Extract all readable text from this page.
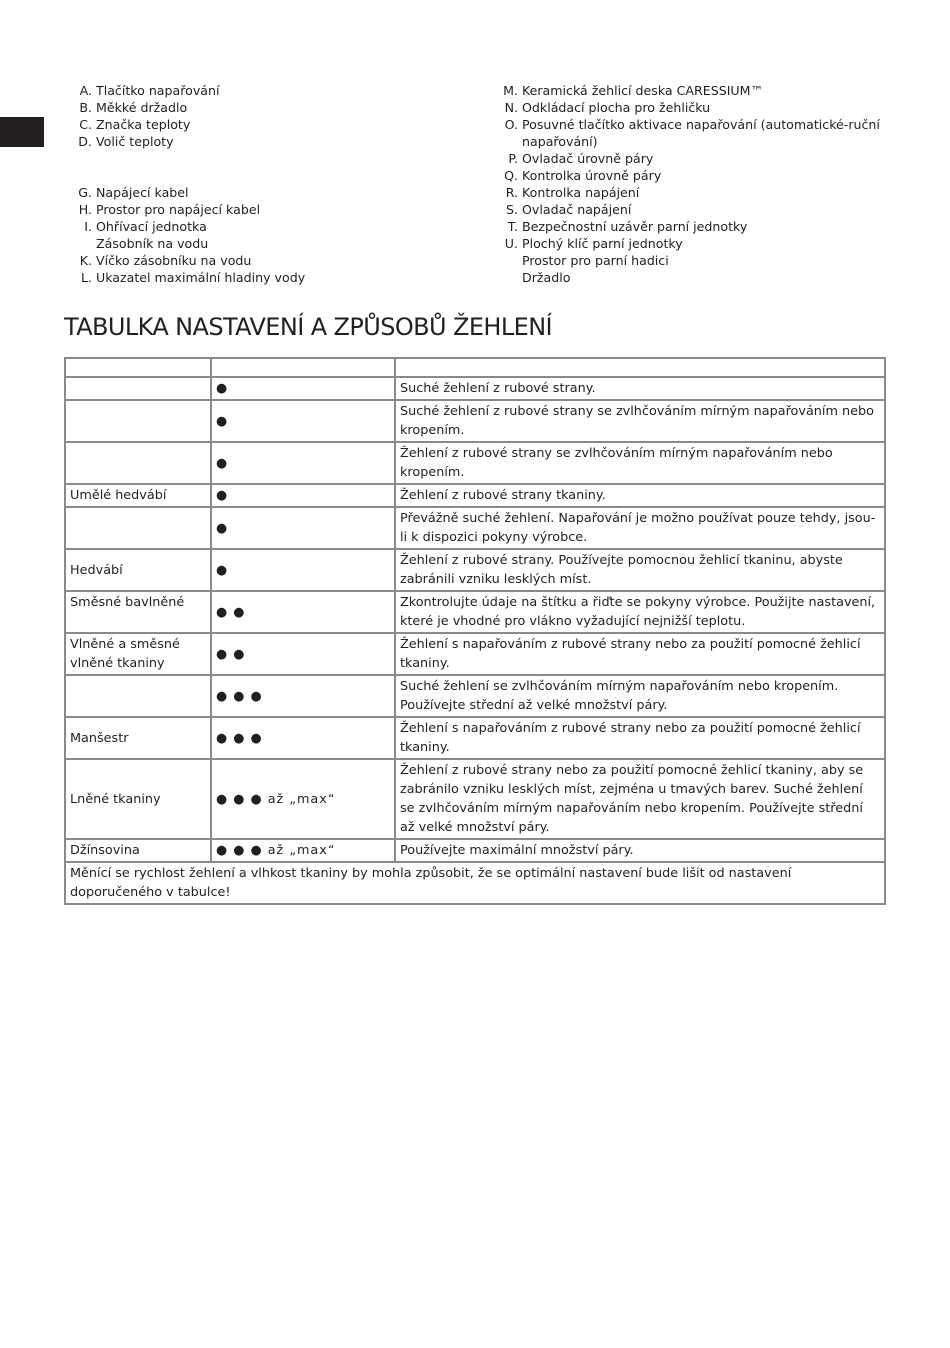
A. Tlačítko napařování
B. Měkké držadlo
C. Značka teploty
D. Volič teploty
G. Napájecí kabel
H. Prostor pro napájecí kabel
I. Ohřívací jednotka
Zásobník na vodu
K. Víčko zásobníku na vodu
L. Ukazatel maximální hladiny vody
M. Keramická žehlicí deska CARESSIUM™
N. Odkládací plocha pro žehličku
O. Posuvné tlačítko aktivace napařování (automatické-ruční napařování)
P. Ovladač úrovně páry
Q. Kontrolka úrovně páry
R. Kontrolka napájení
S. Ovladač napájení
T. Bezpečnostní uzávěr parní jednotky
U. Plochý klíč parní jednotky
Prostor pro parní hadici
Držadlo
TABULKA NASTAVENÍ A ZPŮSOBŮ ŽEHLENÍ

	●	Suché žehlení z rubové strany.
	●	Suché žehlení z rubové strany se zvlhčováním mírným napařováním nebo kropením.
	●	Žehlení z rubové strany se zvlhčováním mírným napařováním nebo kropením.
Umělé hedvábí	●	Žehlení z rubové strany tkaniny.
	●	Převážně suché žehlení. Napařování je možno používat pouze tehdy, jsou-li k dispozici pokyny výrobce.
Hedvábí	●	Žehlení z rubové strany. Používejte pomocnou žehlicí tkaninu, abyste zabránili vzniku lesklých míst.
Směsné bavlněné	● ●	Zkontrolujte údaje na štítku a řiďte se pokyny výrobce. Použijte nastavení, které je vhodné pro vlákno vyžadující nejnižší teplotu.
Vlněné a směsné vlněné tkaniny	● ●	Žehlení s napařováním z rubové strany nebo za použití pomocné žehlicí tkaniny.
	● ● ●	Suché žehlení se zvlhčováním mírným napařováním nebo kropením. Používejte střední až velké množství páry.
Manšestr	● ● ●	Žehlení s napařováním z rubové strany nebo za použití pomocné žehlicí tkaniny.
Lněné tkaniny	● ● ● až „max“	Žehlení z rubové strany nebo za použití pomocné žehlicí tkaniny, aby se zabránilo vzniku lesklých míst, zejména u tmavých barev. Suché žehlení se zvlhčováním mírným napařováním nebo kropením. Používejte střední až velké množství páry.
Džínsovina	● ● ● až „max“	Používejte maximální množství páry.
Měnící se rychlost žehlení a vlhkost tkaniny by mohla způsobit, že se optimální nastavení bude lišit od nastavení doporučeného v tabulce!		
